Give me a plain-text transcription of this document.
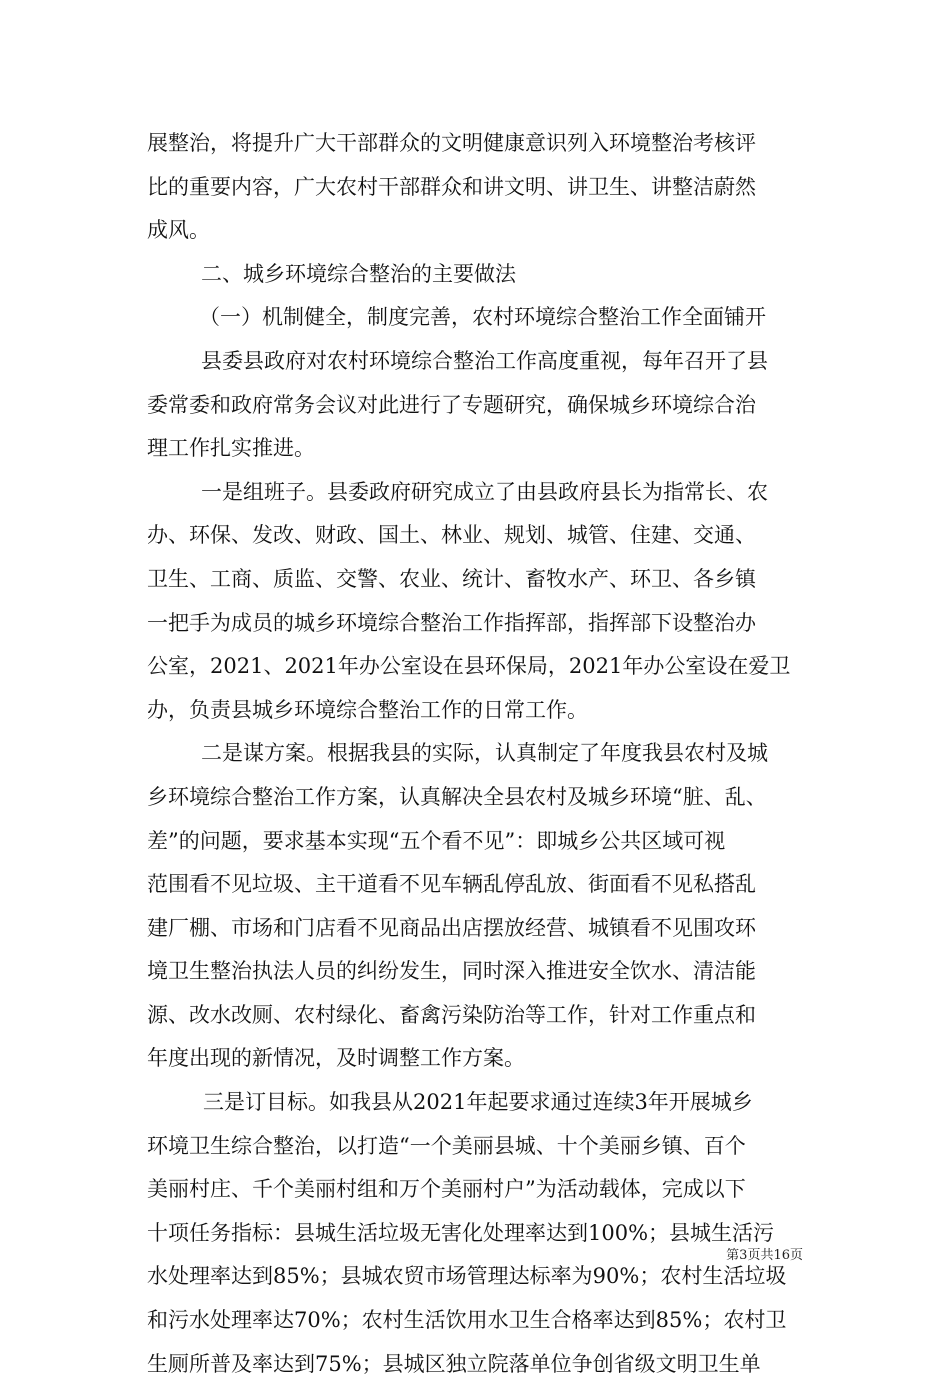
展整治，将提升广大干部群众的文明健康意识列入环境整治考核评
比的重要内容，广大农村干部群众和讲文明、讲卫生、讲整洁蔚然
成风。
二、城乡环境综合整治的主要做法
（一）机制健全，制度完善，农村环境综合整治工作全面铺开
县委县政府对农村环境综合整治工作高度重视，每年召开了县
委常委和政府常务会议对此进行了专题研究，确保城乡环境综合治
理工作扎实推进。
一是组班子。县委政府研究成立了由县政府县长为指常长、农
办、环保、发改、财政、国土、林业、规划、城管、住建、交通、
卫生、工商、质监、交警、农业、统计、畜牧水产、环卫、各乡镇
一把手为成员的城乡环境综合整治工作指挥部，指挥部下设整治办
公室，2021、2021年办公室设在县环保局，2021年办公室设在爱卫
办，负责县城乡环境综合整治工作的日常工作。
二是谋方案。根据我县的实际，认真制定了年度我县农村及城
乡环境综合整治工作方案，认真解决全县农村及城乡环境“脏、乱、
差”的问题，要求基本实现“五个看不见”：即城乡公共区域可视
范围看不见垃圾、主干道看不见车辆乱停乱放、街面看不见私搭乱
建厂棚、市场和门店看不见商品出店摆放经营、城镇看不见围攻环
境卫生整治执法人员的纠纷发生，同时深入推进安全饮水、清洁能
源、改水改厕、农村绿化、畜禽污染防治等工作，针对工作重点和
年度出现的新情况，及时调整工作方案。
三是订目标。如我县从2021年起要求通过连续3年开展城乡
环境卫生综合整治，以打造“一个美丽县城、十个美丽乡镇、百个
美丽村庄、千个美丽村组和万个美丽村户”为活动载体，完成以下
十项任务指标：县城生活垃圾无害化处理率达到100%；县城生活污
水处理率达到85%；县城农贸市场管理达标率为90%；农村生活垃圾
和污水处理率达70%；农村生活饮用水卫生合格率达到85%；农村卫
生厕所普及率达到75%；县城区独立院落单位争创省级文明卫生单
第3页共16页
